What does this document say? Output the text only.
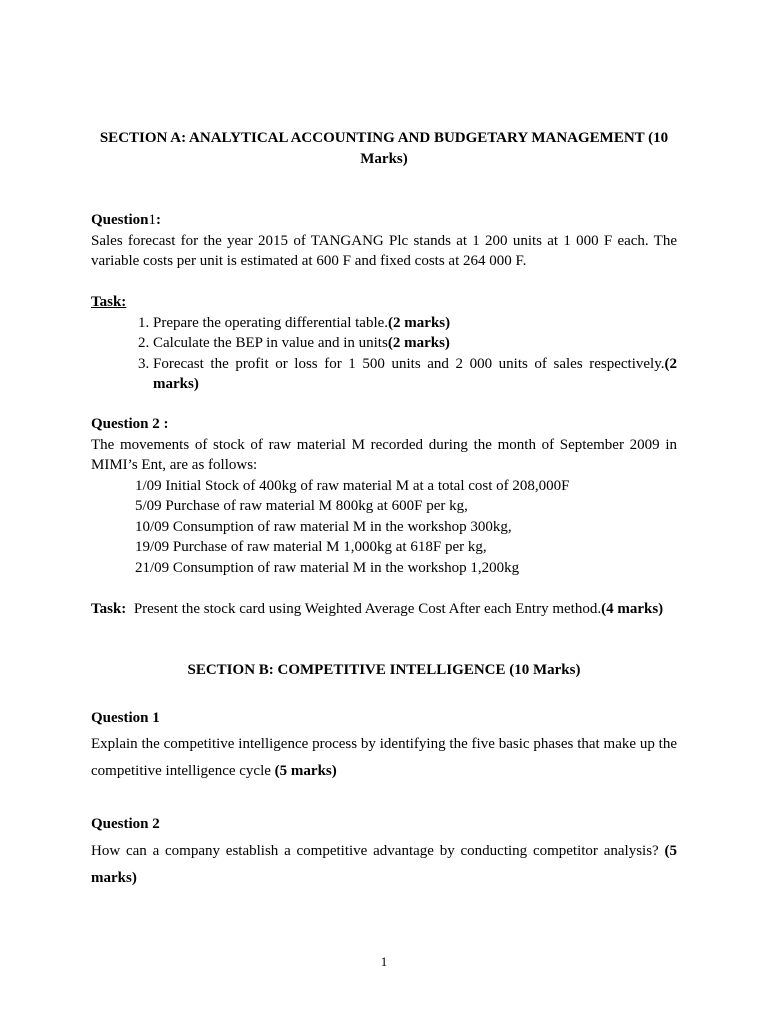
SECTION A: ANALYTICAL ACCOUNTING AND BUDGETARY MANAGEMENT (10
Marks)
Question1:
Sales forecast for the year 2015 of TANGANG Plc stands at 1 200 units at 1 000 F each. The variable costs per unit is estimated at 600 F and fixed costs at 264 000 F.
Task:
1. Prepare the operating differential table.(2 marks)
2. Calculate the BEP in value and in units(2 marks)
3. Forecast the profit or loss for 1 500 units and 2 000 units of sales respectively.(2 marks)
Question 2 :
The movements of stock of raw material M recorded during the month of September 2009 in MIMI’s Ent, are as follows:
1/09 Initial Stock of 400kg of raw material M at a total cost of 208,000F
5/09 Purchase of raw material M 800kg at 600F per kg,
10/09 Consumption of raw material M in the workshop 300kg,
19/09 Purchase of raw material M 1,000kg at 618F per kg,
21/09 Consumption of raw material M in the workshop 1,200kg
Task: Present the stock card using Weighted Average Cost After each Entry method.(4 marks)
SECTION B: COMPETITIVE INTELLIGENCE (10 Marks)
Question 1
Explain the competitive intelligence process by identifying the five basic phases that make up the competitive intelligence cycle (5 marks)
Question 2
How can a company establish a competitive advantage by conducting competitor analysis? (5 marks)
1
